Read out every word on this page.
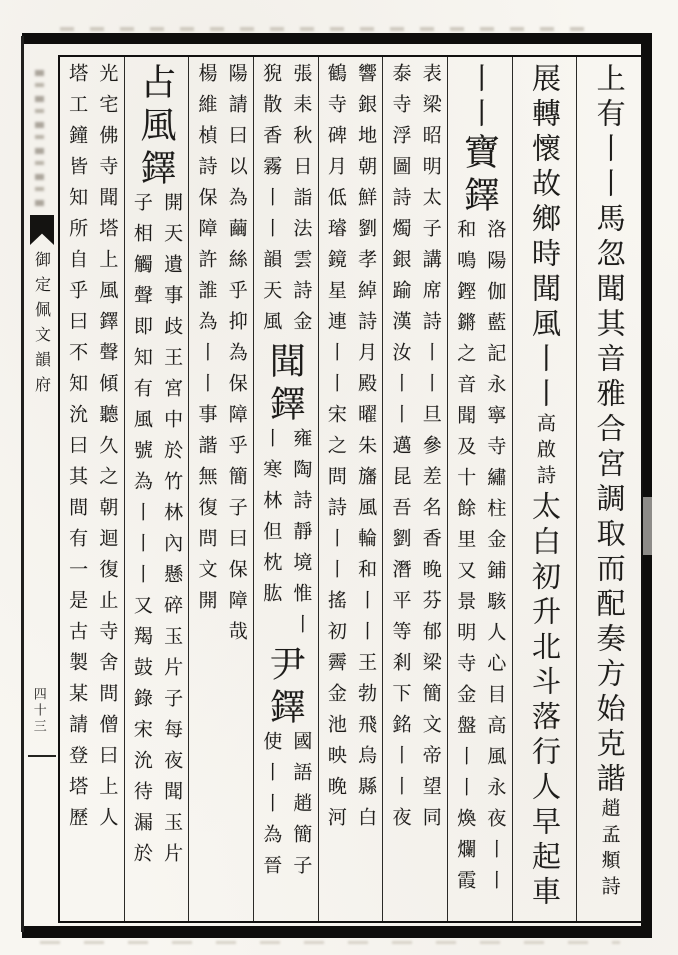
御定佩文韻府
四十三	上有丨丨馬忽聞其音雅合宮調取而配奏方始克諧
趙孟頫詩
展轉懷故鄉時聞風丨丨
高啟詩
太白初升北斗落行人早起車
丨丨
寶鐸
洛陽伽藍記永寧寺繡柱金鋪駭人心目高風永夜丨丨
和鳴鏗鏘之音聞及十餘里又景明寺金盤丨丨煥爛霞
表梁昭明太子講席詩丨丨旦參差名香晚芬郁梁簡文帝望同
泰寺浮圖詩燭銀踰漢汝丨丨邁昆吾劉潛平等剎下銘丨丨夜
響銀地朝鮮劉孝綽詩月殿曜朱旛風輪和丨丨王勃飛烏縣白
鶴寺碑月低璿鏡星連丨丨宋之問詩丨丨搖初霽金池映晚河
張耒秋日詣法雲詩金
猊散香霧丨丨韻天風
聞鐸
雍陶詩靜境惟丨
丨寒林但枕肱
尹鐸
國語趙簡子
使丨丨為晉
陽請曰以為繭絲乎抑為保障乎簡子曰保障哉
楊維楨詩保障許誰為丨丨事諧無復問文開
占風鐸
開天遺事歧王宮中於竹林內懸碎玉片子每夜聞玉片
子相觸聲即知有風號為丨丨丨又羯鼓錄宋沇待漏於
光宅佛寺聞塔上風鐸聲傾聽久之朝迴復止寺舍問僧曰上人
塔工鐘皆知所自乎曰不知沇曰其間有一是古製某請登塔歷
